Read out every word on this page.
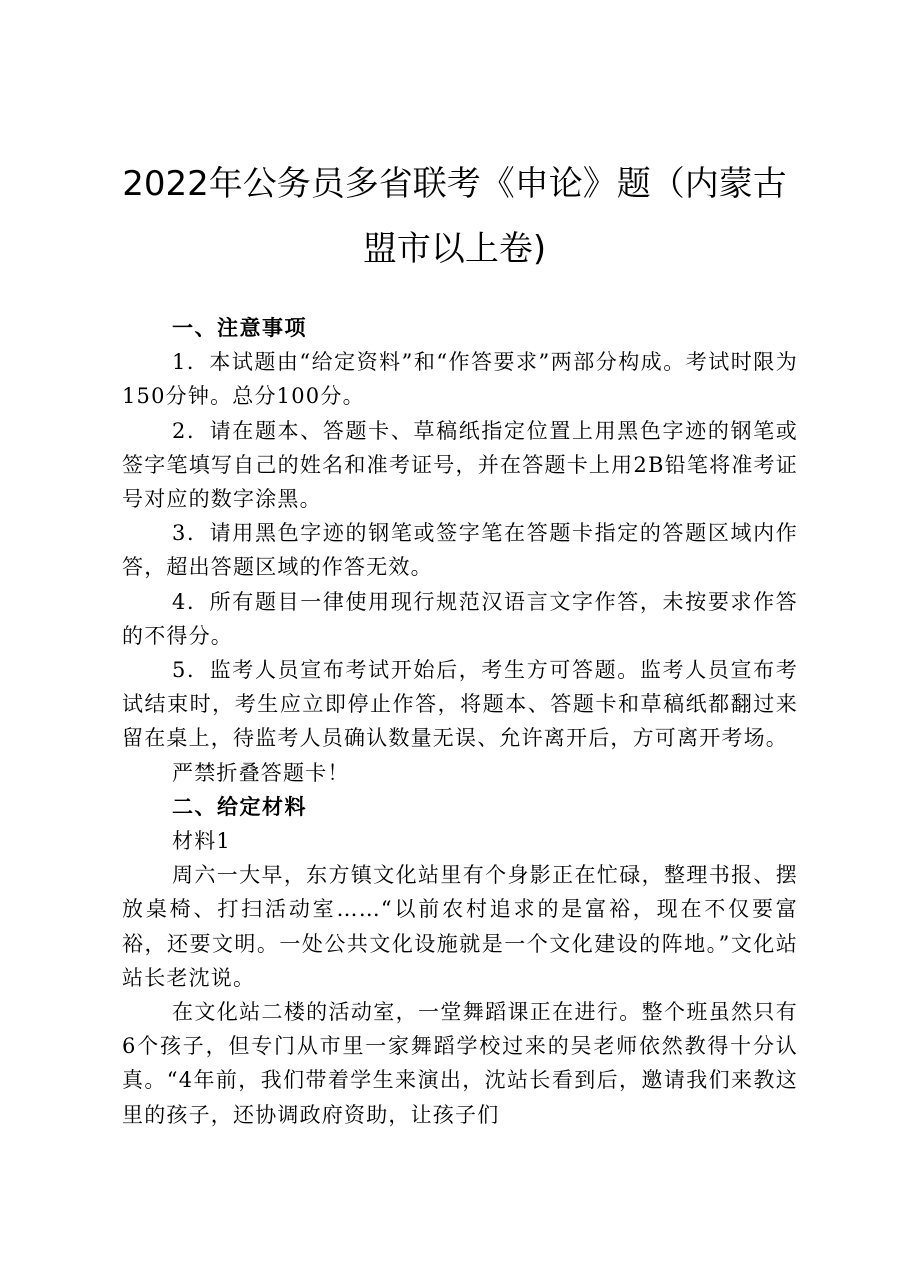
2022年公务员多省联考《申论》题（内蒙古
盟市以上卷)

一、注意事项

1．本试题由“给定资料”和“作答要求”两部分构成。考试时限为150分钟。总分100分。

2．请在题本、答题卡、草稿纸指定位置上用黑色字迹的钢笔或签字笔填写自己的姓名和准考证号，并在答题卡上用2B铅笔将准考证号对应的数字涂黑。

3．请用黑色字迹的钢笔或签字笔在答题卡指定的答题区域内作答，超出答题区域的作答无效。

4．所有题目一律使用现行规范汉语言文字作答，未按要求作答的不得分。

5．监考人员宣布考试开始后，考生方可答题。监考人员宣布考试结束时，考生应立即停止作答，将题本、答题卡和草稿纸都翻过来留在桌上，待监考人员确认数量无误、允许离开后，方可离开考场。

严禁折叠答题卡！

二、给定材料

材料1

周六一大早，东方镇文化站里有个身影正在忙碌，整理书报、摆放桌椅、打扫活动室……“以前农村追求的是富裕，现在不仅要富裕，还要文明。一处公共文化设施就是一个文化建设的阵地。”文化站站长老沈说。

在文化站二楼的活动室，一堂舞蹈课正在进行。整个班虽然只有6个孩子，但专门从市里一家舞蹈学校过来的吴老师依然教得十分认真。“4年前，我们带着学生来演出，沈站长看到后，邀请我们来教这里的孩子，还协调政府资助，让孩子们
